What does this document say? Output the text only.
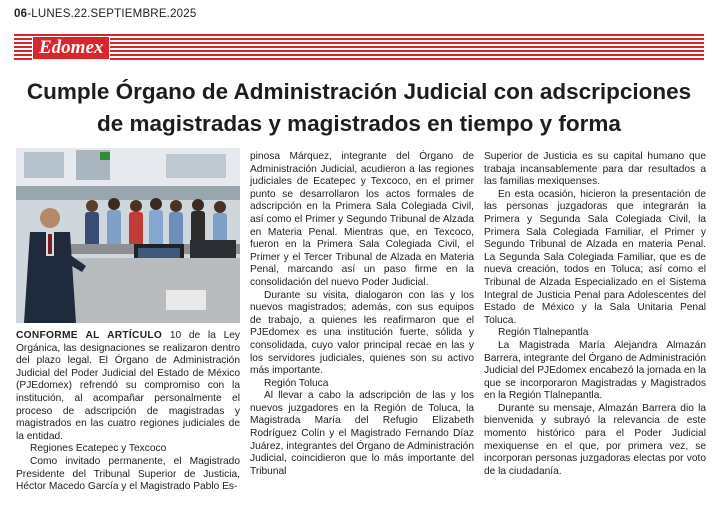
06-LUNES.22.SEPTIEMBRE.2025
Edomex
Cumple Órgano de Administración Judicial con adscripciones
de magistradas y magistrados en tiempo y forma

CONFORME AL ARTÍCULO 10 de la Ley Orgánica, las designaciones se realizaron dentro del plazo legal. El Órgano de Administración Judicial del Poder Judicial del Estado de México (PJEdomex) refrendó su compromiso con la institución, al acompañar personalmente el proceso de adscripción de magistradas y magistrados en las cuatro regiones judiciales de la entidad.

Regiones Ecatepec y Texcoco

Como invitado permanente, el Magistrado Presidente del Tribunal Superior de Justicia, Héctor Macedo García y el Magistrado Pablo Es-

pinosa Márquez, integrante del Órgano de Administración Judicial, acudieron a las regiones judiciales de Ecatepec y Texcoco, en el primer punto se desarrollaron los actos formales de adscripción en la Primera Sala Colegiada Civil, así como el Primer y Segundo Tribunal de Alzada en Materia Penal. Mientras que, en Texcoco, fueron en la Primera Sala Colegiada Civil, el Primer y el Tercer Tribunal de Alzada en Materia Penal, marcando así un paso firme en la consolidación del nuevo Poder Judicial.

Durante su visita, dialogaron con las y los nuevos magistrados; además, con sus equipos de trabajo, a quienes les reafirmaron que el PJEdomex es una institución fuerte, sólida y consolidada, cuyo valor principal recae en las y los servidores judiciales, quienes son su activo más importante.

Región Toluca

Al llevar a cabo la adscripción de las y los nuevos juzgadores en la Región de Toluca, la Magistrada María del Refugio Elizabeth Rodríguez Colín y el Magistrado Fernando Díaz Juárez, integrantes del Órgano de Administración Judicial, coincidieron que lo más importante del Tribunal

Superior de Justicia es su capital humano que trabaja incansablemente para dar resultados a las familias mexiquenses.

En esta ocasión, hicieron la presentación de las personas juzgadoras que integrarán la Primera y Segunda Sala Colegiada Civil, la Primera Sala Colegiada Familiar, el Primer y Segundo Tribunal de Alzada en materia Penal. La Segunda Sala Colegiada Familiar, que es de nueva creación, todos en Toluca; así como el Tribunal de Alzada Especializado en el Sistema Integral de Justicia Penal para Adolescentes del Estado de México y la Sala Unitaria Penal Toluca.

Región Tlalnepantla

La Magistrada María Alejandra Almazán Barrera, integrante del Órgano de Administración Judicial del PJEdomex encabezó la jornada en la que se incorporaron Magistradas y Magistrados en la Región Tlalnepantla.

Durante su mensaje, Almazán Barrera dio la bienvenida y subrayó la relevancia de este momento histórico para el Poder Judicial mexiquense en el que, por primera vez, se incorporan personas juzgadoras electas por voto de la ciudadanía.
